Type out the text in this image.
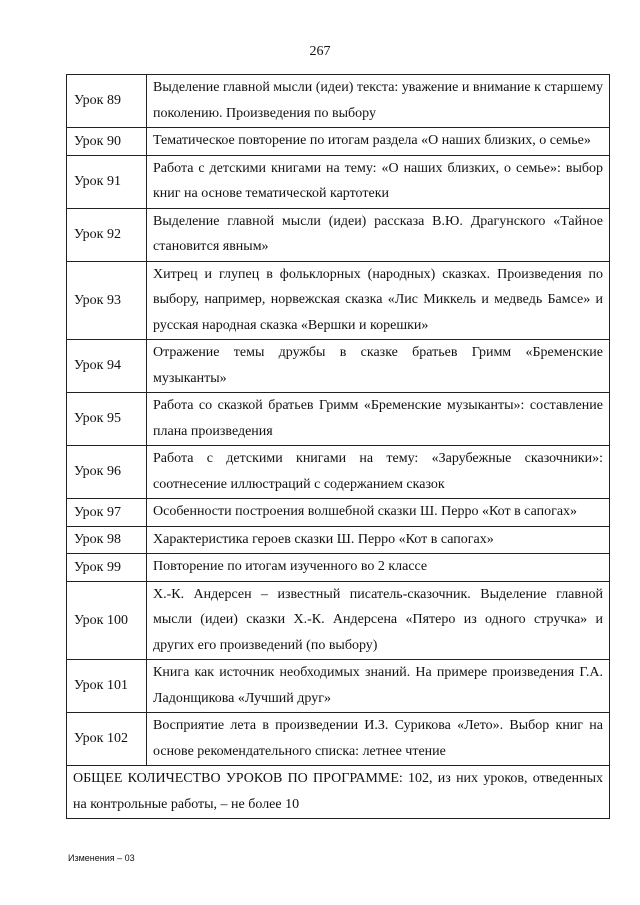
267
Урок 89	Выделение главной мысли (идеи) текста: уважение и внимание к старшему поколению. Произведения по выбору
Урок 90	Тематическое повторение по итогам раздела «О наших близких, о семье»
Урок 91	Работа с детскими книгами на тему: «О наших близких, о семье»: выбор книг на основе тематической картотеки
Урок 92	Выделение главной мысли (идеи) рассказа В.Ю. Драгунского «Тайное становится явным»
Урок 93	Хитрец и глупец в фольклорных (народных) сказках. Произведения по выбору, например, норвежская сказка «Лис Миккель и медведь Бамсе» и русская народная сказка «Вершки и корешки»
Урок 94	Отражение темы дружбы в сказке братьев Гримм «Бременские музыканты»
Урок 95	Работа со сказкой братьев Гримм «Бременские музыканты»: составление плана произведения
Урок 96	Работа с детскими книгами на тему: «Зарубежные сказочники»: соотнесение иллюстраций с содержанием сказок
Урок 97	Особенности построения волшебной сказки Ш. Перро «Кот в сапогах»
Урок 98	Характеристика героев сказки Ш. Перро «Кот в сапогах»
Урок 99	Повторение по итогам изученного во 2 классе
Урок 100	Х.-К. Андерсен – известный писатель-сказочник. Выделение главной мысли (идеи) сказки Х.-К. Андерсена «Пятеро из одного стручка» и других его произведений (по выбору)
Урок 101	Книга как источник необходимых знаний. На примере произведения Г.А. Ладонщикова «Лучший друг»
Урок 102	Восприятие лета в произведении И.З. Сурикова «Лето». Выбор книг на основе рекомендательного списка: летнее чтение
ОБЩЕЕ КОЛИЧЕСТВО УРОКОВ ПО ПРОГРАММЕ: 102, из них уроков, отведенных на контрольные работы, – не более 10	
Изменения – 03
